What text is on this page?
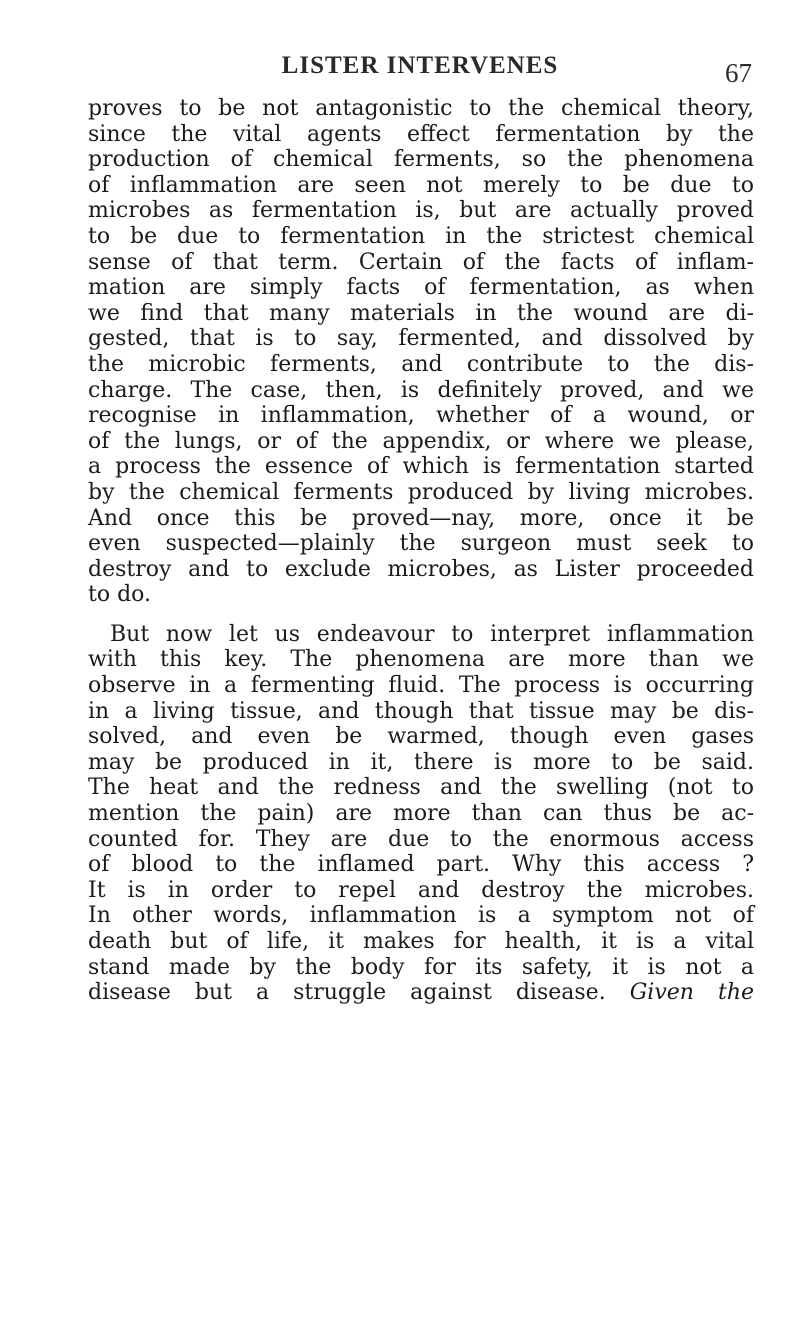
LISTER INTERVENES	67

proves to be not antagonistic to the chemical theory,
since the vital agents effect fermentation by the
production of chemical ferments, so the phenomena
of inflammation are seen not merely to be due to
microbes as fermentation is, but are actually proved
to be due to fermentation in the strictest chemical
sense of that term. Certain of the facts of inflam-
mation are simply facts of fermentation, as when
we find that many materials in the wound are di-
gested, that is to say, fermented, and dissolved by
the microbic ferments, and contribute to the dis-
charge. The case, then, is definitely proved, and we
recognise in inflammation, whether of a wound, or
of the lungs, or of the appendix, or where we please,
a process the essence of which is fermentation started
by the chemical ferments produced by living microbes.
And once this be proved—nay, more, once it be
even suspected—plainly the surgeon must seek to
destroy and to exclude microbes, as Lister proceeded
to do.

But now let us endeavour to interpret inflammation
with this key. The phenomena are more than we
observe in a fermenting fluid. The process is occurring
in a living tissue, and though that tissue may be dis-
solved, and even be warmed, though even gases
may be produced in it, there is more to be said.
The heat and the redness and the swelling (not to
mention the pain) are more than can thus be ac-
counted for. They are due to the enormous access
of blood to the inflamed part. Why this access ?
It is in order to repel and destroy the microbes.
In other words, inflammation is a symptom not of
death but of life, it makes for health, it is a vital
stand made by the body for its safety, it is not a
disease but a struggle against disease. Given the
